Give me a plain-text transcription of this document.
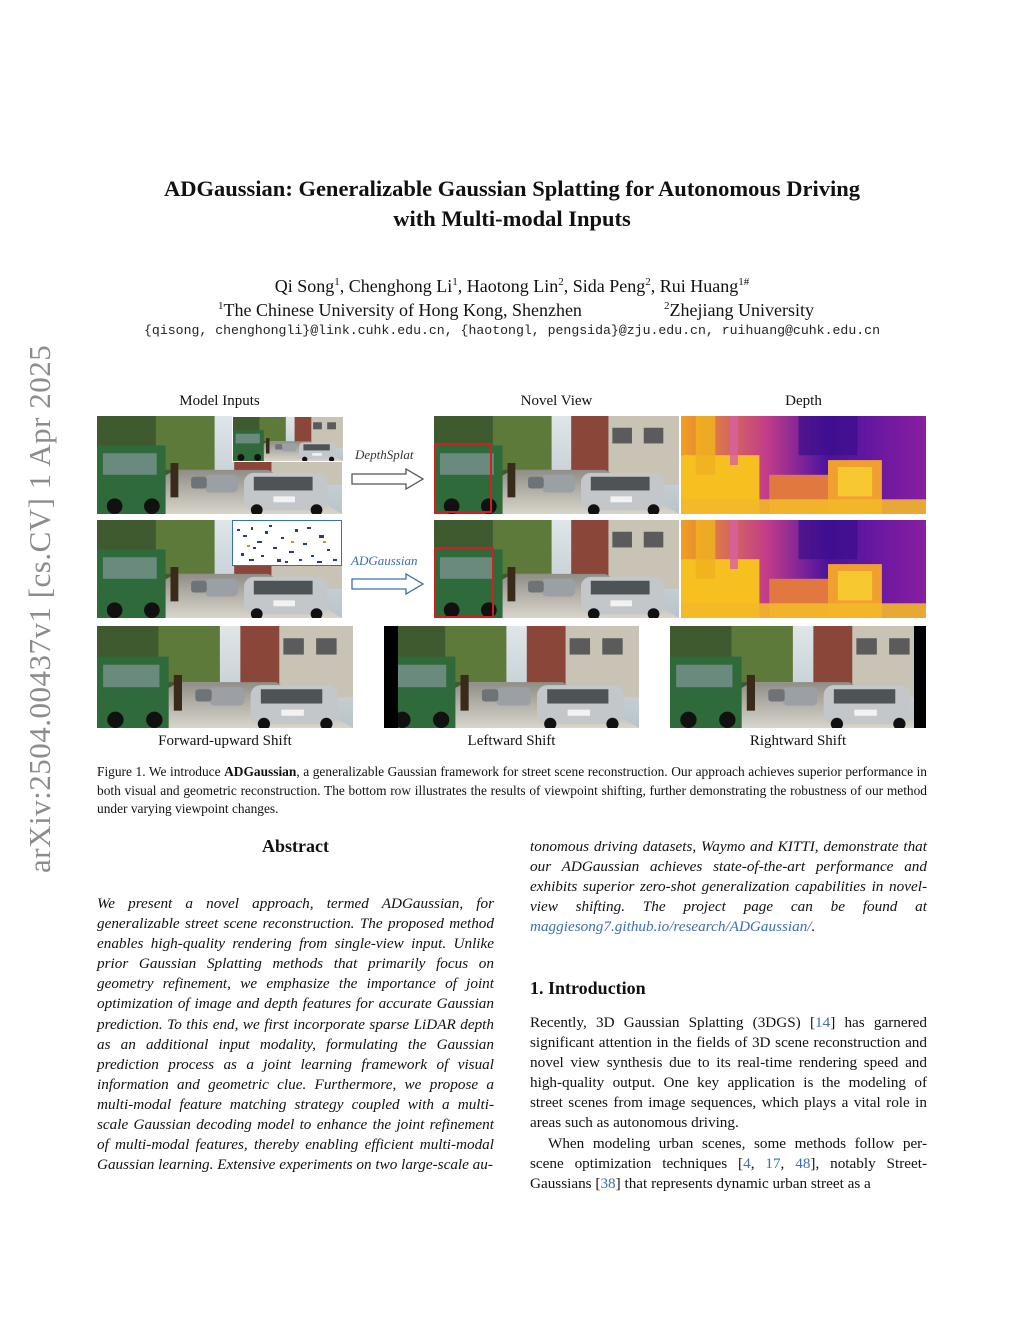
arXiv:2504.00437v1 [cs.CV] 1 Apr 2025
ADGaussian: Generalizable Gaussian Splatting for Autonomous Driving
with Multi-modal Inputs
Qi Song$^1$, Chenghong Li$^1$, Haotong Lin$^2$, Sida Peng$^2$, Rui Huang$^{1\#}$
$^1$The Chinese University of Hong Kong, Shenzhen	$^2$Zhejiang University
{qisong, chenghongli}@link.cuhk.edu.cn, {haotongl, pengsida}@zju.edu.cn, ruihuang@cuhk.edu.cn
Model Inputs	Novel View	Depth
DepthSplat
ADGaussian
Forward-upward Shift	Leftward Shift	Rightward Shift
Figure 1. We introduce ADGaussian, a generalizable Gaussian framework for street scene reconstruction. Our approach achieves superior performance in both visual and geometric reconstruction. The bottom row illustrates the results of viewpoint shifting, further demonstrating the robustness of our method under varying viewpoint changes.
Abstract
We present a novel approach, termed ADGaussian, for generalizable street scene reconstruction. The proposed method enables high-quality rendering from single-view input. Unlike prior Gaussian Splatting methods that primarily focus on geometry refinement, we emphasize the importance of joint optimization of image and depth features for accurate Gaussian prediction. To this end, we first incorporate sparse LiDAR depth as an additional input modality, formulating the Gaussian prediction process as a joint learning framework of visual information and geometric clue. Furthermore, we propose a multi-modal feature matching strategy coupled with a multi-scale Gaussian decoding model to enhance the joint refinement of multi-modal features, thereby enabling efficient multi-modal Gaussian learning. Extensive experiments on two large-scale au-
tonomous driving datasets, Waymo and KITTI, demonstrate that our ADGaussian achieves state-of-the-art performance and exhibits superior zero-shot generalization capabilities in novel-view shifting. The project page can be found at maggiesong7.github.io/research/ADGaussian/.
1. Introduction

Recently, 3D Gaussian Splatting (3DGS) [14] has garnered significant attention in the fields of 3D scene reconstruction and novel view synthesis due to its real-time rendering speed and high-quality output. One key application is the modeling of street scenes from image sequences, which plays a vital role in areas such as autonomous driving.

When modeling urban scenes, some methods follow per-scene optimization techniques [4, 17, 48], notably Street-Gaussians [38] that represents dynamic urban street as a
